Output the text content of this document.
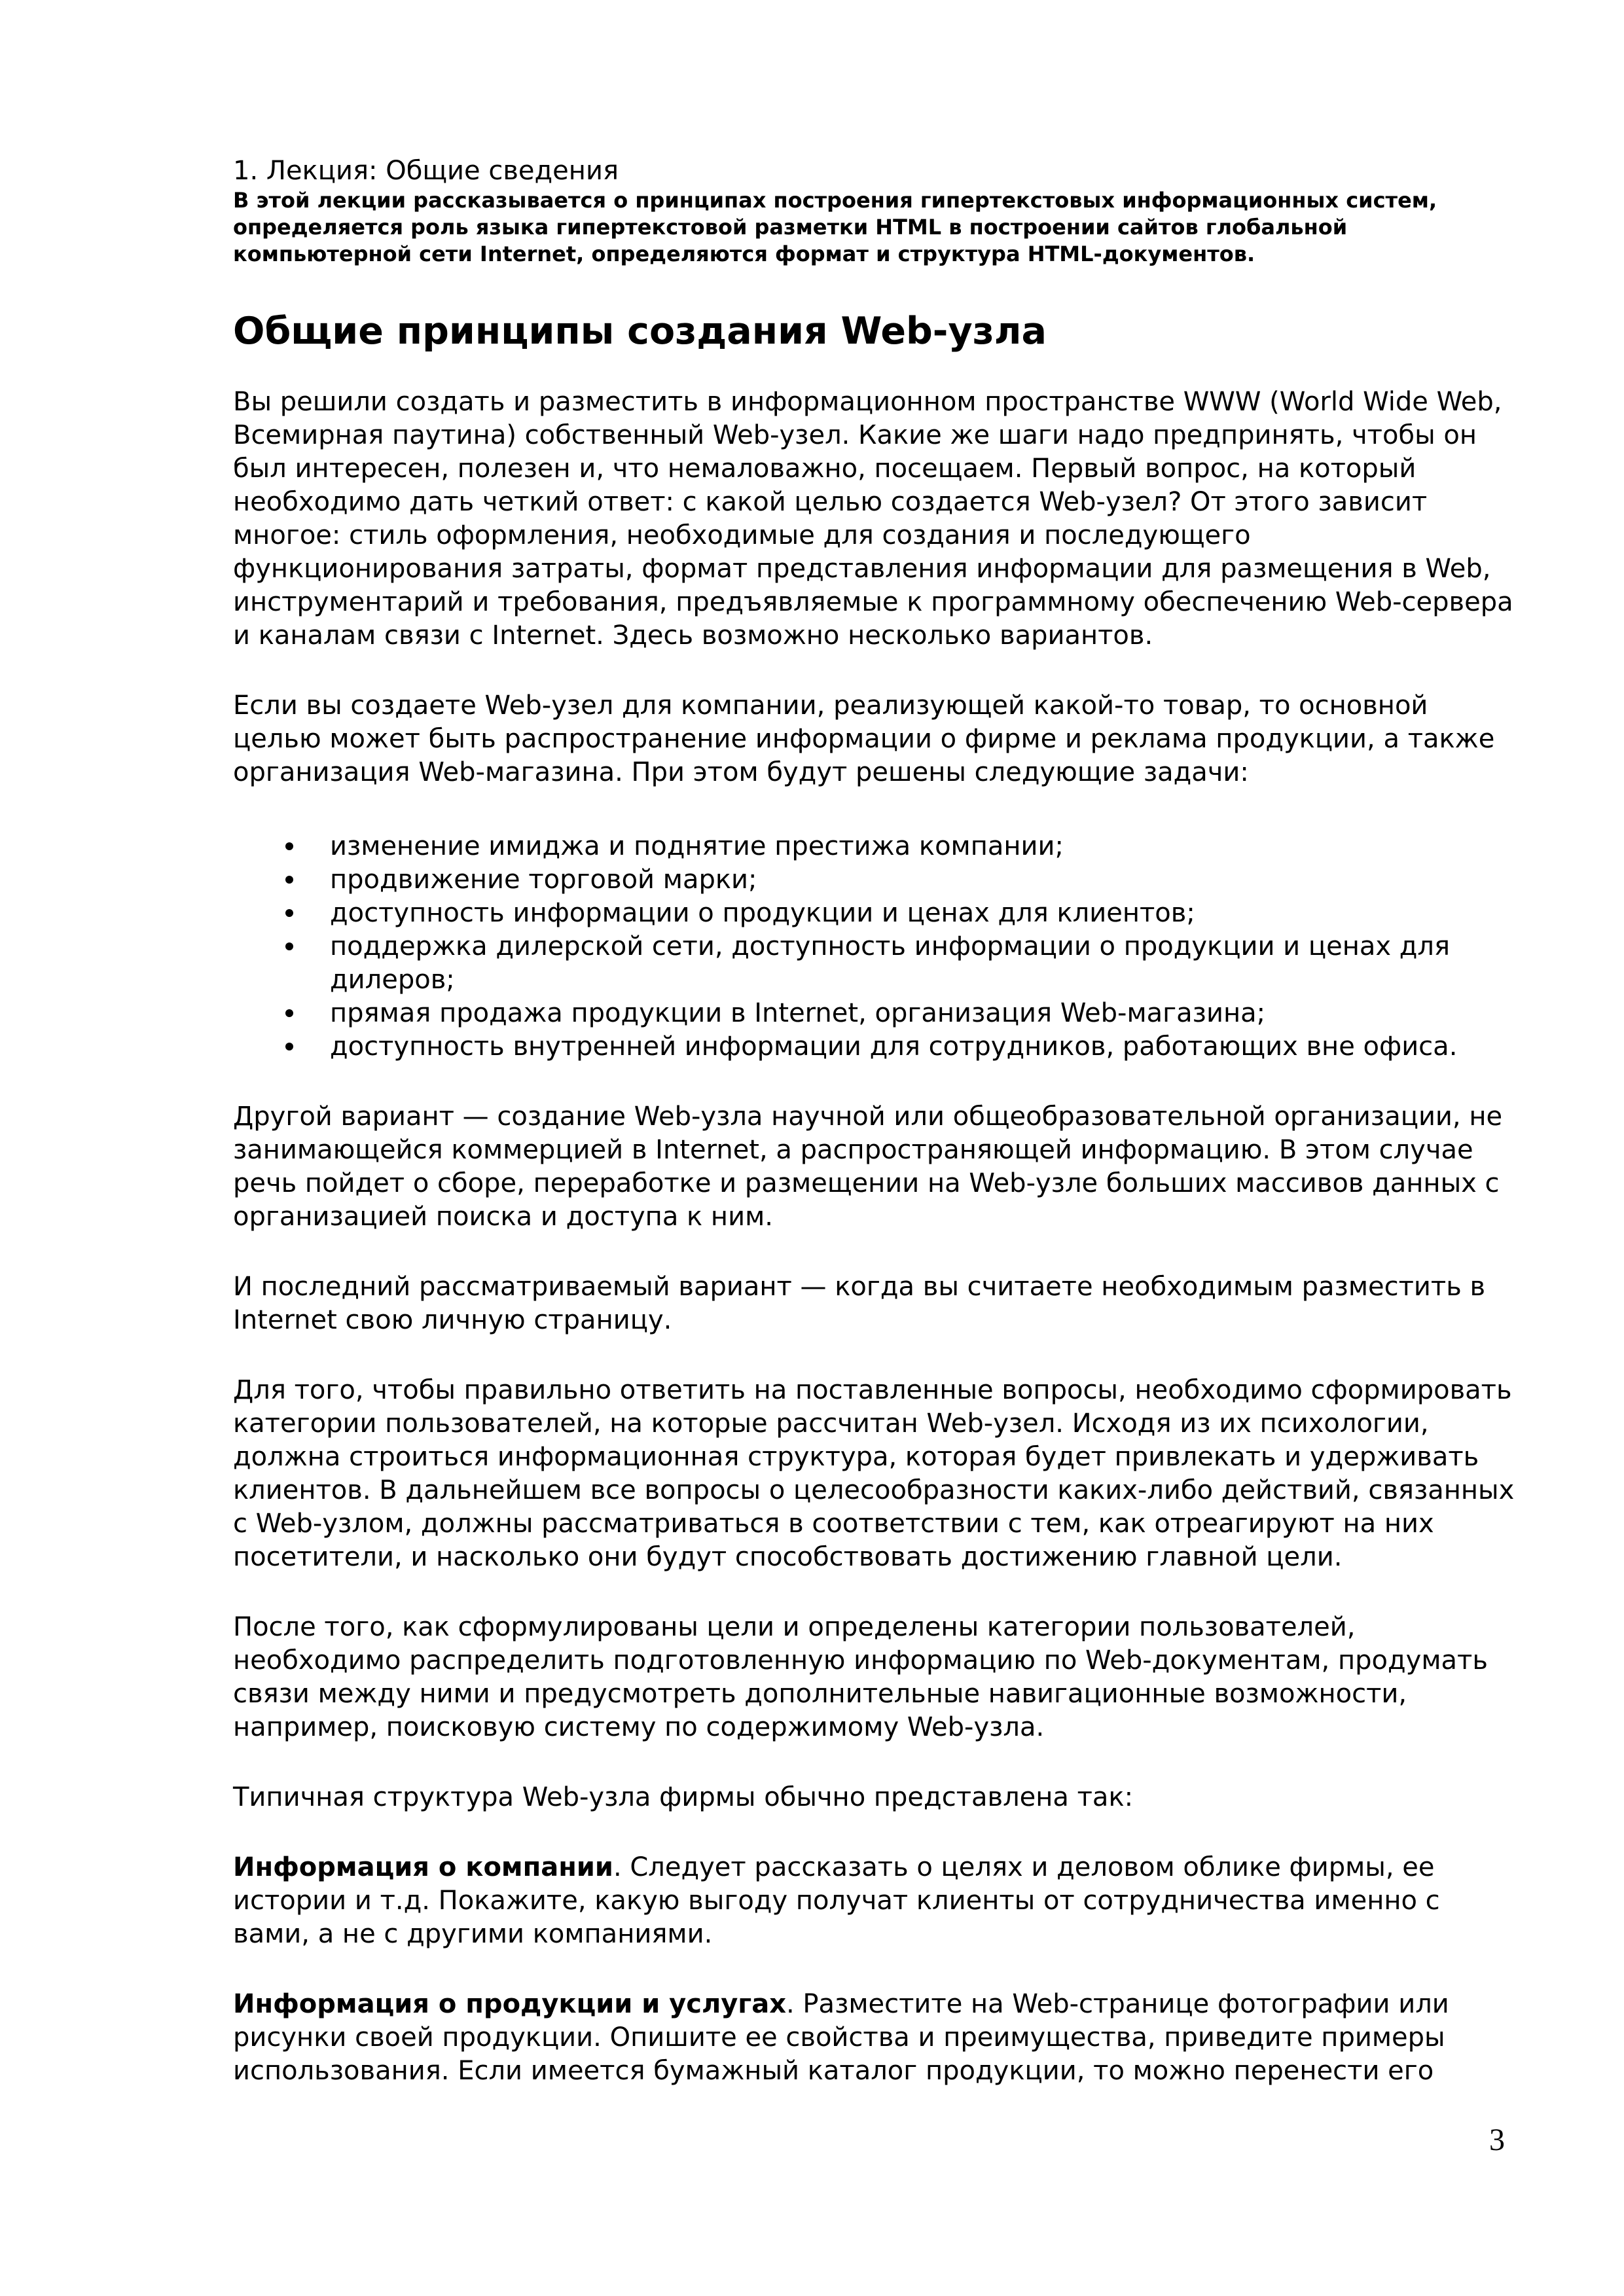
1. Лекция: Общие сведения

В этой лекции рассказывается о принципах построения гипертекстовых информационных систем, определяется роль языка гипертекстовой разметки HTML в построении сайтов глобальной компьютерной сети Internet, определяются формат и структура HTML-документов.

Общие принципы создания Web-узла

Вы решили создать и разместить в информационном пространстве WWW (World Wide Web, Всемирная паутина) собственный Web-узел. Какие же шаги надо предпринять, чтобы он был интересен, полезен и, что немаловажно, посещаем. Первый вопрос, на который необходимо дать четкий ответ: с какой целью создается Web-узел? От этого зависит многое: стиль оформления, необходимые для создания и последующего функционирования затраты, формат представления информации для размещения в Web, инструментарий и требования, предъявляемые к программному обеспечению Web-сервера и каналам связи с Internet. Здесь возможно несколько вариантов.

Если вы создаете Web-узел для компании, реализующей какой-то товар, то основной целью может быть распространение информации о фирме и реклама продукции, а также организация Web-магазина. При этом будут решены следующие задачи:

изменение имиджа и поднятие престижа компании;
продвижение торговой марки;
доступность информации о продукции и ценах для клиентов;
поддержка дилерской сети, доступность информации о продукции и ценах для дилеров;
прямая продажа продукции в Internet, организация Web-магазина;
доступность внутренней информации для сотрудников, работающих вне офиса.

Другой вариант — создание Web-узла научной или общеобразовательной организации, не занимающейся коммерцией в Internet, а распространяющей информацию. В этом случае речь пойдет о сборе, переработке и размещении на Web-узле больших массивов данных с организацией поиска и доступа к ним.

И последний рассматриваемый вариант — когда вы считаете необходимым разместить в Internet свою личную страницу.

Для того, чтобы правильно ответить на поставленные вопросы, необходимо сформировать категории пользователей, на которые рассчитан Web-узел. Исходя из их психологии, должна строиться информационная структура, которая будет привлекать и удерживать клиентов. В дальнейшем все вопросы о целесообразности каких-либо действий, связанных с Web-узлом, должны рассматриваться в соответствии с тем, как отреагируют на них посетители, и насколько они будут способствовать достижению главной цели.

После того, как сформулированы цели и определены категории пользователей, необходимо распределить подготовленную информацию по Web-документам, продумать связи между ними и предусмотреть дополнительные навигационные возможности, например, поисковую систему по содержимому Web-узла.

Типичная структура Web-узла фирмы обычно представлена так:

Информация о компании. Следует рассказать о целях и деловом облике фирмы, ее истории и т.д. Покажите, какую выгоду получат клиенты от сотрудничества именно с вами, а не с другими компаниями.

Информация о продукции и услугах. Разместите на Web-странице фотографии или рисунки своей продукции. Опишите ее свойства и преимущества, приведите примеры использования. Если имеется бумажный каталог продукции, то можно перенести его

3
